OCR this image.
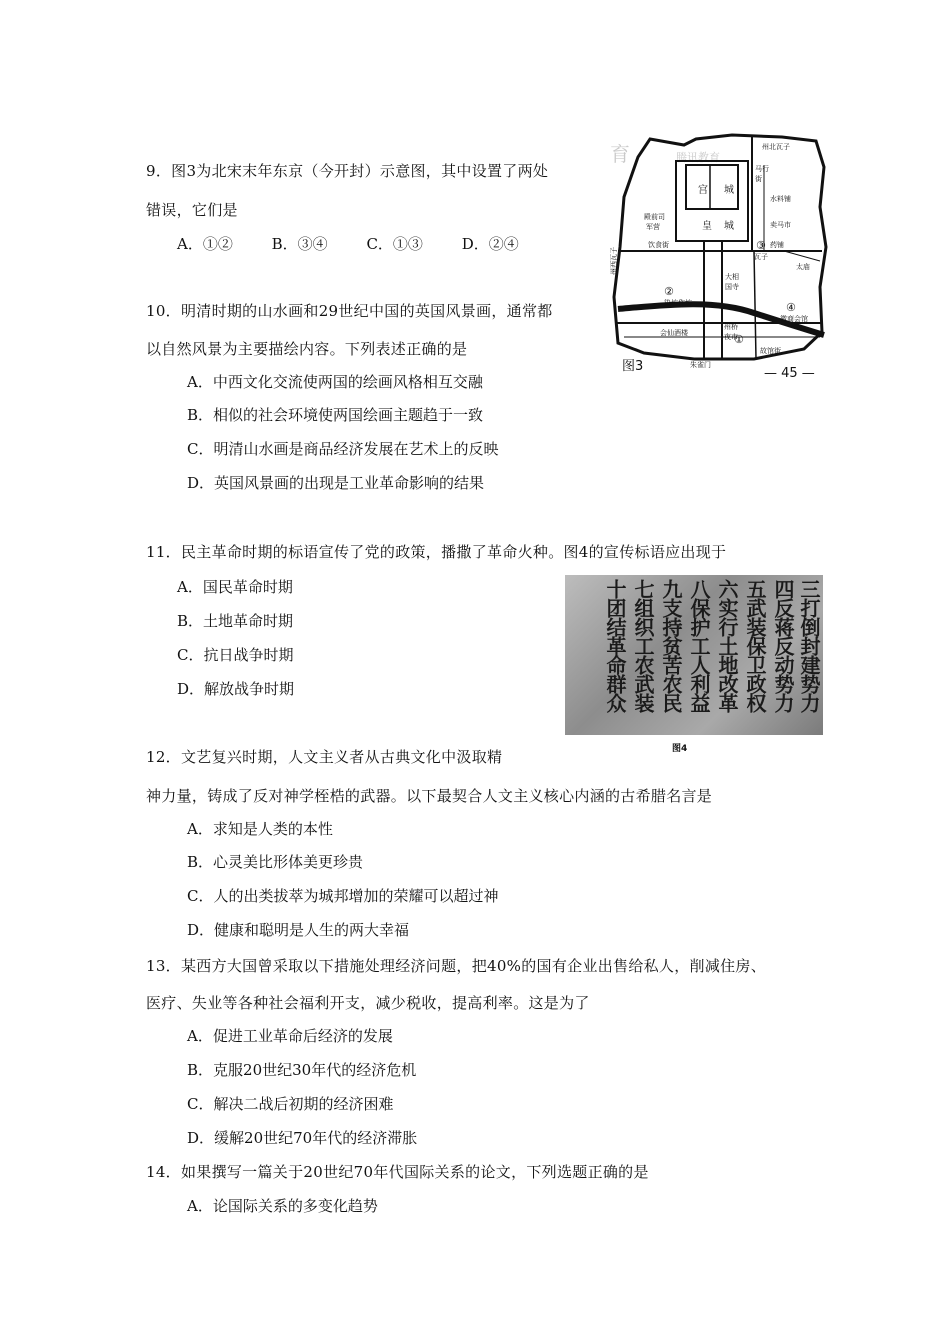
9．图3为北宋末年东京（今开封）示意图，其中设置了两处
错误，它们是
A．①②	B．③④	C．①③	D．②④
育	腾讯教育
宫 城
皇 城
殿前司
军营
州北瓦子
马行
街
水料铺
卖马市
饮食街	药铺
太庙
大相
国寺
瓦子
州西瓦子
染坊作坊
徽商会馆
会仙酒楼
州桥
夜市
朱雀门
故馆街
②
③
④
①
图3	— 45 —
10．明清时期的山水画和29世纪中国的英国风景画，通常都
以自然风景为主要描绘内容。下列表述正确的是
A．中西文化交流使两国的绘画风格相互交融
B．相似的社会环境使两国绘画主题趋于一致
C．明清山水画是商品经济发展在艺术上的反映
D．英国风景画的出现是工业革命影响的结果
11．民主革命时期的标语宣传了党的政策，播撒了革命火种。图4的宣传标语应出现于
A．国民革命时期
B．土地革命时期
C．抗日战争时期
D．解放战争时期	三打倒封建势力
四反蒋反动势力
五武装保卫政权
六实行土地改革
八保护工人利益
九支持贫苦农民
七组织工农武装
十团结革命群众
图4
12．文艺复兴时期，人文主义者从古典文化中汲取精
神力量，铸成了反对神学桎梏的武器。以下最契合人文主义核心内涵的古希腊名言是
A．求知是人类的本性
B．心灵美比形体美更珍贵
C．人的出类拔萃为城邦增加的荣耀可以超过神
D．健康和聪明是人生的两大幸福
13．某西方大国曾采取以下措施处理经济问题，把40%的国有企业出售给私人，削减住房、
医疗、失业等各种社会福利开支，减少税收，提高利率。这是为了
A．促进工业革命后经济的发展
B．克服20世纪30年代的经济危机
C．解决二战后初期的经济困难
D．缓解20世纪70年代的经济滞胀
14．如果撰写一篇关于20世纪70年代国际关系的论文，下列选题正确的是
A．论国际关系的多变化趋势
